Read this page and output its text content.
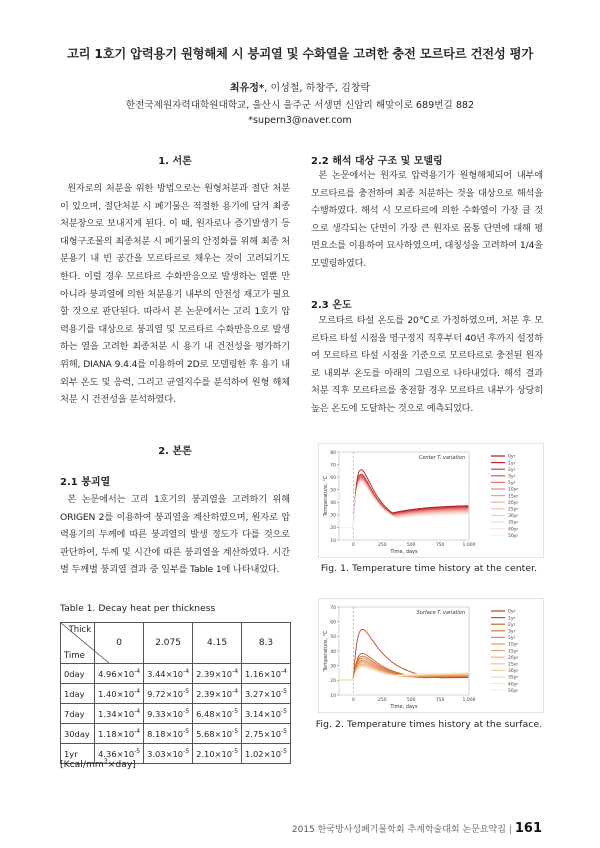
고리 1호기 압력용기 원형해체 시 붕괴열 및 수화열을 고려한 충전 모르타르 건전성 평가
최유정*, 이성철, 하창주, 김창락
한전국제원자력대학원대학교, 울산시 울주군 서생면 신암리 해맞이로 689번길 882
*supern3@naver.com
1. 서론

원자로의 처분을 위한 방법으로는 원형처분과 절단 처분이 있으며, 절단처분 시 폐기물은 적절한 용기에 담겨 최종 처분장으로 보내지게 된다. 이 때, 원자로나 증기발생기 등 대형구조물의 최종처분 시 폐기물의 안정화를 위해 최종 처분용기 내 빈 공간을 모르타르로 채우는 것이 고려되기도 한다. 이럴 경우 모르타르 수화반응으로 발생하는 열뿐 만아니라 붕괴열에 의한 처분용기 내부의 안전성 재고가 필요할 것으로 판단된다. 따라서 본 논문에서는 고리 1호기 압력용기를 대상으로 붕괴열 및 모르타르 수화반응으로 발생하는 열을 고려한 최종처분 시 용기 내 건전성을 평가하기 위해, DIANA 9.4.4를 이용하여 2D로 모델링한 후 용기 내외부 온도 및 응력, 그리고 균열지수를 분석하여 원형 해체 처분 시 건전성을 분석하였다.

2. 본론
2.1 붕괴열

본 논문에서는 고리 1호기의 붕괴열을 고려하기 위해 ORIGEN 2를 이용하여 붕괴열을 계산하였으며, 원자로 압력용기의 두께에 따른 붕괴열의 발생 정도가 다를 것으로 판단하여, 두께 및 시간에 따른 붕괴열을 계산하였다. 시간별 두께별 붕괴열 결과 중 일부를 Table 1에 나타내었다.

Table 1. Decay heat per thickness
Thick
Time	0	2.075	4.15	8.3

0day	$4.96\times 10^{-4}$	$3.44\times 10^{-4}$	$2.39\times 10^{-4}$	$1.16\times 10^{-4}$
1day	$1.40\times 10^{-4}$	$9.72\times 10^{-5}$	$2.39\times 10^{-4}$	$3.27\times 10^{-5}$
7day	$1.34\times 10^{-4}$	$9.33\times 10^{-5}$	$6.48\times 10^{-5}$	$3.14\times 10^{-5}$
30day	$1.18\times 10^{-4}$	$8.18\times 10^{-5}$	$5.68\times 10^{-5}$	$2.75\times 10^{-5}$
1yr	$4.36\times 10^{-5}$	$3.03\times 10^{-5}$	$2.10\times 10^{-5}$	$1.02\times 10^{-5}$
$[Kcal/mm^3\times day]$
2.2 해석 대상 구조 및 모델링

본 논문에서는 원자로 압력용기가 원형해체되어 내부에 모르타르를 충전하여 최종 처분하는 것을 대상으로 해석을 수행하였다. 해석 시 모르타르에 의한 수화열이 가장 클 것으로 생각되는 단면이 가장 큰 원자로 몸통 단면에 대해 평면요소를 이용하여 묘사하였으며, 대칭성을 고려하여 1/4을 모델링하였다.

2.3 온도

모르타르 타설 온도를 20℃로 가정하였으며, 처분 후 모르타르 타설 시점을 영구정지 직후부터 40년 후까지 설정하여 모르타르 타설 시점을 기준으로 모르타르로 충전된 원자로 내외부 온도를 아래의 그림으로 나타내었다. 해석 결과 처분 직후 모르타르를 충전할 경우 모르타르 내부가 상당히 높은 온도에 도달하는 것으로 예측되었다.

10
20
30
40
50
60
70
80
0	250	500	750	1,000
Time, days
Temperature, °C
Center T. variation	0yr
1yr
2yr
3yr
5yr
10yr
15yr
20yr
25yr
30yr
35yr
40yr
50yr
Fig. 1. Temperature time history at the center.
10
20
30
40
50
60
70
0	250	500	750	1,000
Time, days
Temperature, °C
Surface T. variation	0yr
1yr
2yr
3yr
5yr
10yr
15yr
20yr
25yr
30yr
35yr
40yr
50yr
Fig. 2. Temperature times history at the surface.
2015 한국방사성폐기물학회 추계학술대회 논문요약집 | 161
